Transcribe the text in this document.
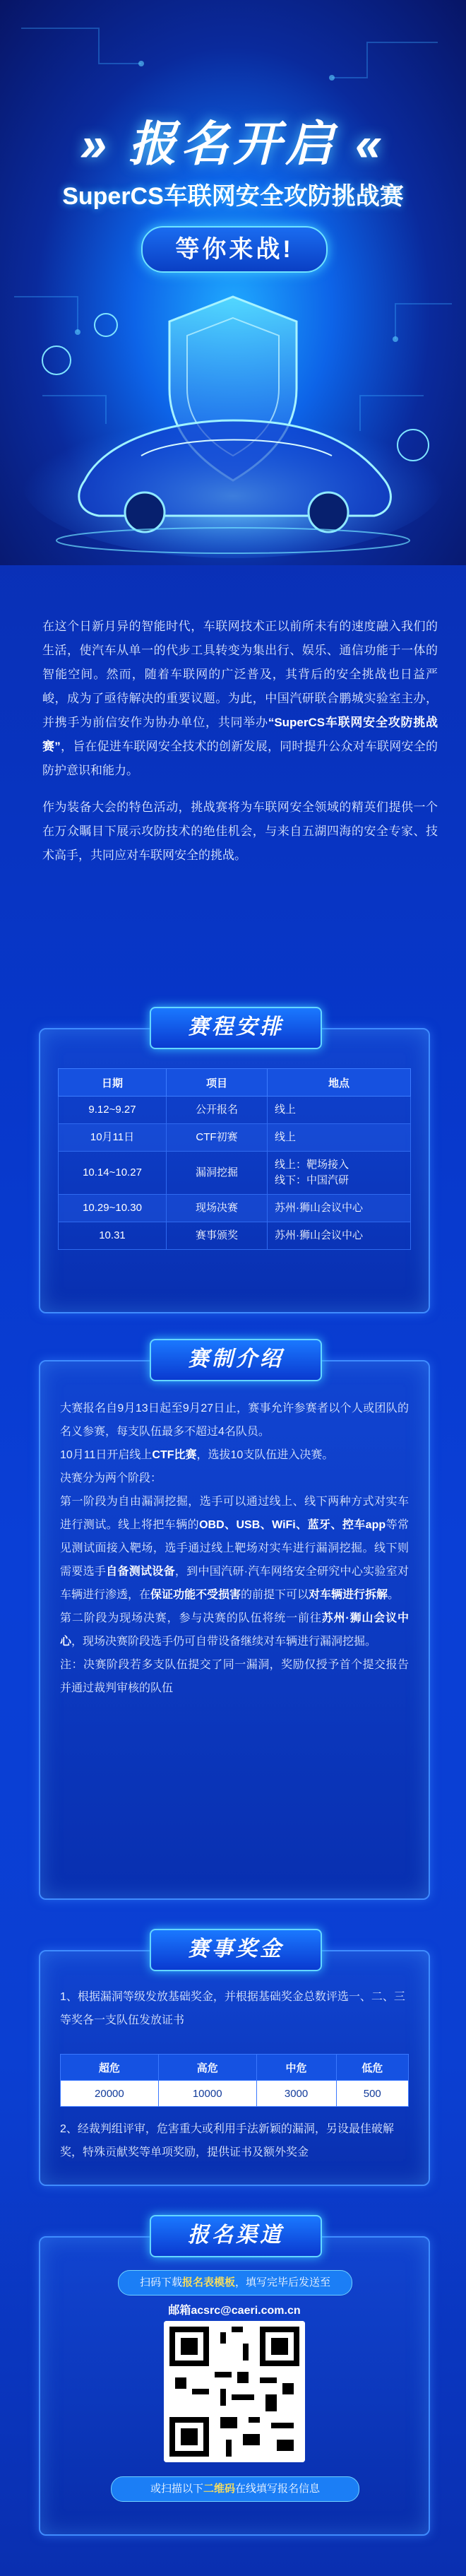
» 报名开启 «
SuperCS车联网安全攻防挑战赛
等你来战!

在这个日新月异的智能时代，车联网技术正以前所未有的速度融入我们的生活，使汽车从单一的代步工具转变为集出行、娱乐、通信功能于一体的智能空间。然而，随着车联网的广泛普及，其背后的安全挑战也日益严峻，成为了亟待解决的重要议题。为此，中国汽研联合鹏城实验室主办，并携手为前信安作为协办单位，共同举办“SuperCS车联网安全攻防挑战赛”，旨在促进车联网安全技术的创新发展，同时提升公众对车联网安全的防护意识和能力。

作为装备大会的特色活动，挑战赛将为车联网安全领域的精英们提供一个在万众瞩目下展示攻防技术的绝佳机会，与来自五湖四海的安全专家、技术高手，共同应对车联网安全的挑战。

赛程安排
日期	项目	地点
9.12~9.27	公开报名	线上
10月11日	CTF初赛	线上
10.14~10.27	漏洞挖掘	线上：靶场接入
线下：中国汽研
10.29~10.30	现场决赛	苏州·狮山会议中心
10.31	赛事颁奖	苏州·狮山会议中心
赛制介绍

大赛报名自9月13日起至9月27日止，赛事允许参赛者以个人或团队的名义参赛，每支队伍最多不超过4名队员。

10月11日开启线上CTF比赛，选拔10支队伍进入决赛。

决赛分为两个阶段：

第一阶段为自由漏洞挖掘，选手可以通过线上、线下两种方式对实车进行测试。线上将把车辆的OBD、USB、WiFi、蓝牙、控车app等常见测试面接入靶场，选手通过线上靶场对实车进行漏洞挖掘。线下则需要选手自备测试设备，到中国汽研·汽车网络安全研究中心实验室对车辆进行渗透，在保证功能不受损害的前提下可以对车辆进行拆解。

第二阶段为现场决赛，参与决赛的队伍将统一前往苏州·狮山会议中心，现场决赛阶段选手仍可自带设备继续对车辆进行漏洞挖掘。

注：决赛阶段若多支队伍提交了同一漏洞，奖励仅授予首个提交报告并通过裁判审核的队伍

赛事奖金
1、根据漏洞等级发放基础奖金，并根据基础奖金总数评选一、二、三等奖各一支队伍发放证书
超危	高危	中危	低危
20000	10000	3000	500
2、经裁判组评审，危害重大或利用手法新颖的漏洞，另设最佳破解奖，特殊贡献奖等单项奖励，提供证书及额外奖金
报名渠道
扫码下载报名表模板，填写完毕后发送至
邮箱acsrc@caeri.com.cn
或扫描以下二维码在线填写报名信息
